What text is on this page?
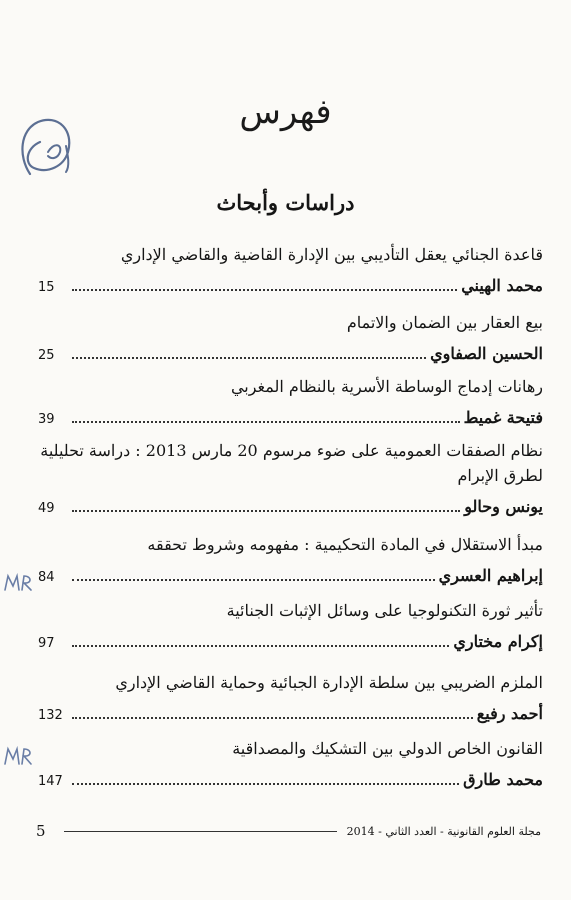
فهرس
دراسات وأبحاث
قاعدة الجنائي يعقل التأديبي بين الإدارة القاضية والقاضي الإداري
15	محمد الهيني
بيع العقار بين الضمان والاتمام
25	الحسين الصفاوي
رهانات إدماج الوساطة الأسرية بالنظام المغربي
39	فتيحة غميط
نظام الصفقات العمومية على ضوء مرسوم 20 مارس 2013 : دراسة تحليلية لطرق الإبرام
49	يونس وحالو
مبدأ الاستقلال في المادة التحكيمية : مفهومه وشروط تحققه
84	إبراهيم العسري
تأثير ثورة التكنولوجيا على وسائل الإثبات الجنائية
97	إكرام مختاري
الملزم الضريبي بين سلطة الإدارة الجبائية وحماية القاضي الإداري
132	أحمد رفيع
القانون الخاص الدولي بين التشكيك والمصداقية
147	محمد طارق
5	مجلة العلوم القانونية - العدد الثاني - 2014
